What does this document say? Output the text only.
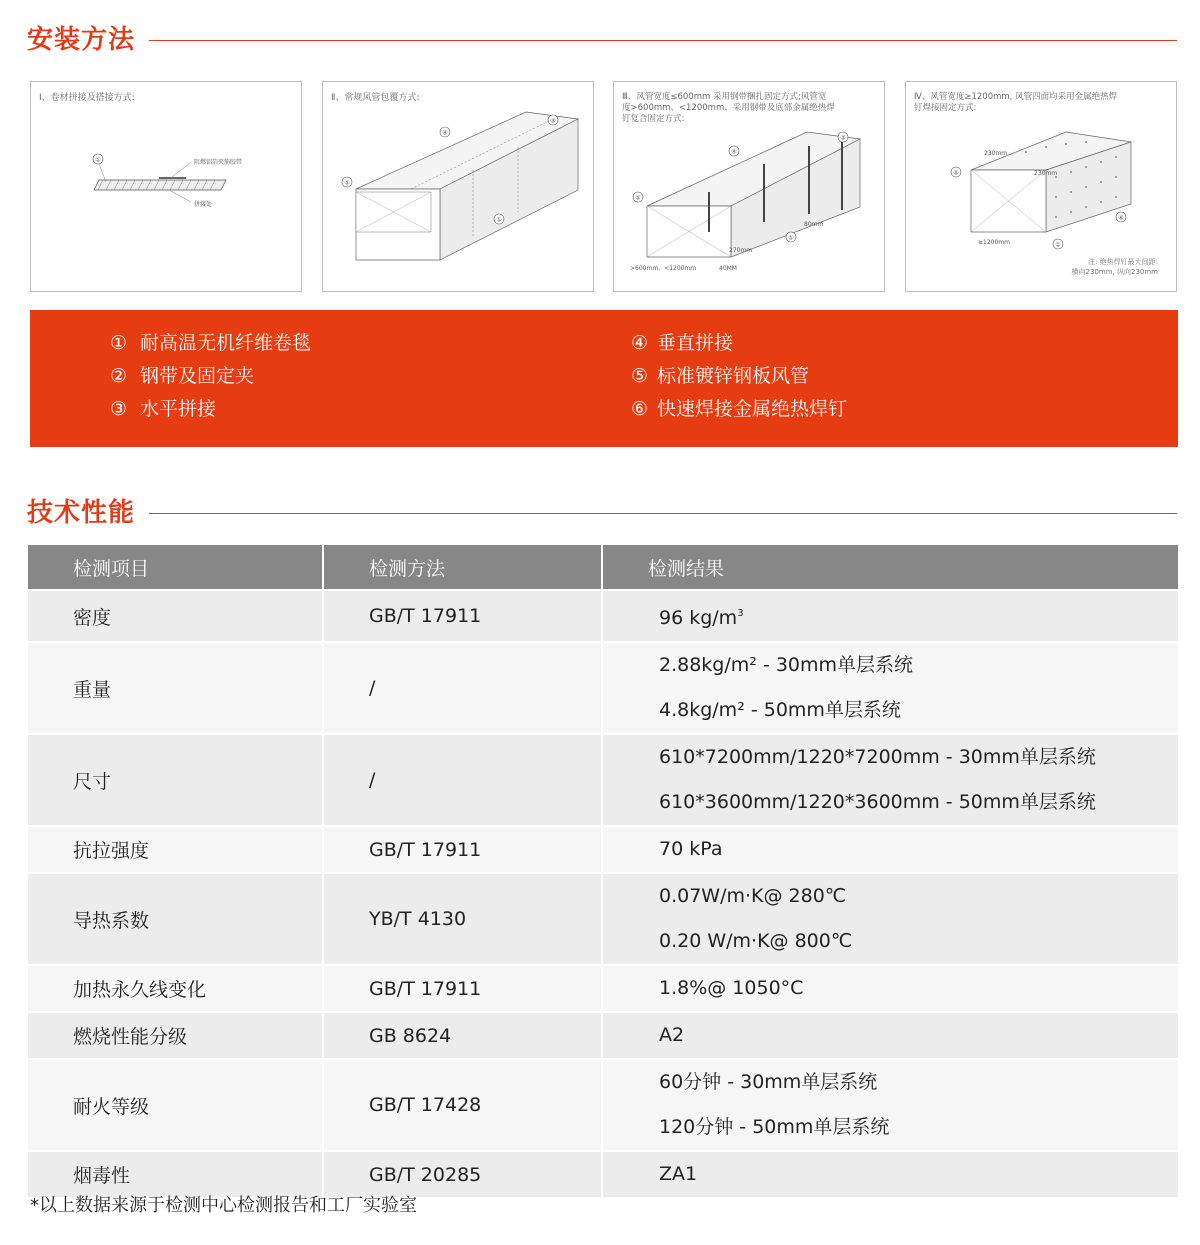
安装方法
Ⅰ、卷材拼接及搭接方式:
①	阻燃铝箔夹筋胶带
拼接处
Ⅱ、常规风管包覆方式:
④
③
⑤
①
Ⅲ、风管宽度≤600mm 采用钢带捆扎固定方式;风管宽
度>600mm、<1200mm、采用钢带及底部金属绝热焊
钉复合固定方式:
270mm
80mm
40MM
>600mm、<1200mm
④
③
⑤
①
Ⅳ、风管宽度≥1200mm, 风管四面均采用金属绝热焊
钉焊接固定方式:
230mm
230mm
≥1200mm
⑤
⑥
①
注: 绝热焊钉最大间距:
横向230mm, 纵向230mm
① 耐高温无机纤维卷毯
② 钢带及固定夹
③ 水平拼接
④ 垂直拼接
⑤ 标准镀锌钢板风管
⑥ 快速焊接金属绝热焊钉
技术性能
检测项目	检测方法	检测结果
密度	GB/T 17911	96 $kg/m^3$

重量	/	2.88kg/m² - 30mm单层系统
4.8kg/m² - 50mm单层系统

尺寸	/	610*7200mm/1220*7200mm - 30mm单层系统
610*3600mm/1220*3600mm - 50mm单层系统

抗拉强度	GB/T 17911	70 kPa

导热系数	YB/T 4130	0.07W/m·K@ 280℃
0.20 W/m·K@ 800℃

加热永久线变化	GB/T 17911	1.8%@ 1050°C

燃烧性能分级	GB 8624	A2

耐火等级	GB/T 17428	60分钟 - 30mm单层系统
120分钟 - 50mm单层系统

烟毒性	GB/T 20285	ZA1
*以上数据来源于检测中心检测报告和工厂实验室
